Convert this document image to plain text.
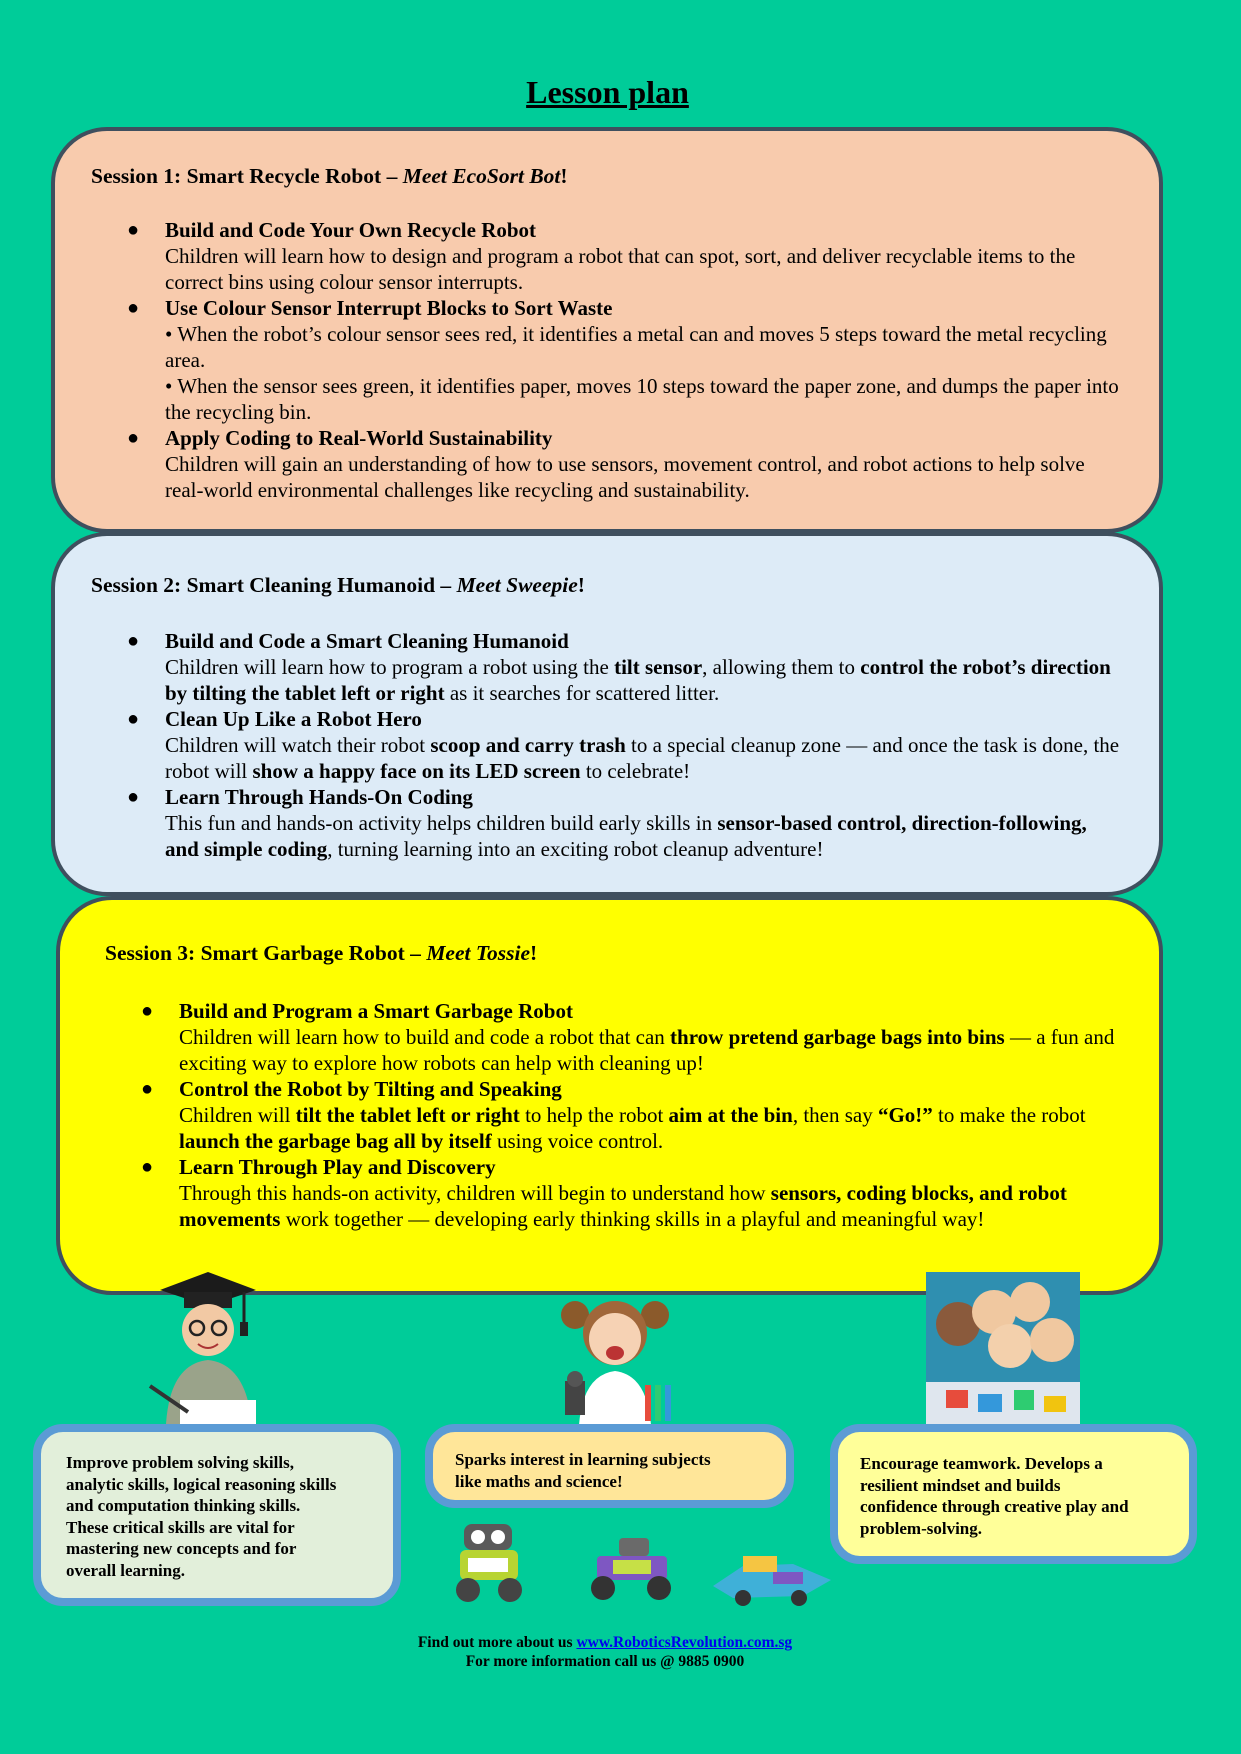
Lesson plan
Session 1: Smart Recycle Robot – Meet EcoSort Bot!
● Build and Code Your Own Recycle Robot
Children will learn how to design and program a robot that can spot, sort, and deliver recyclable items to the correct bins using colour sensor interrupts.
● Use Colour Sensor Interrupt Blocks to Sort Waste
• When the robot’s colour sensor sees red, it identifies a metal can and moves 5 steps toward the metal recycling area.
• When the sensor sees green, it identifies paper, moves 10 steps toward the paper zone, and dumps the paper into the recycling bin.
● Apply Coding to Real-World Sustainability
Children will gain an understanding of how to use sensors, movement control, and robot actions to help solve real-world environmental challenges like recycling and sustainability.
Session 2: Smart Cleaning Humanoid – Meet Sweepie!
● Build and Code a Smart Cleaning Humanoid
Children will learn how to program a robot using the tilt sensor, allowing them to control the robot’s direction by tilting the tablet left or right as it searches for scattered litter.
● Clean Up Like a Robot Hero
Children will watch their robot scoop and carry trash to a special cleanup zone — and once the task is done, the robot will show a happy face on its LED screen to celebrate!
● Learn Through Hands-On Coding
This fun and hands-on activity helps children build early skills in sensor-based control, direction-following, and simple coding, turning learning into an exciting robot cleanup adventure!
Session 3: Smart Garbage Robot – Meet Tossie!
● Build and Program a Smart Garbage Robot
Children will learn how to build and code a robot that can throw pretend garbage bags into bins — a fun and exciting way to explore how robots can help with cleaning up!
● Control the Robot by Tilting and Speaking
Children will tilt the tablet left or right to help the robot aim at the bin, then say “Go!” to make the robot launch the garbage bag all by itself using voice control.
● Learn Through Play and Discovery
Through this hands-on activity, children will begin to understand how sensors, coding blocks, and robot movements work together — developing early thinking skills in a playful and meaningful way!
Improve problem solving skills,
analytic skills, logical reasoning skills
and computation thinking skills.
These critical skills are vital for
mastering new concepts and for
overall learning.
Sparks interest in learning subjects
like maths and science!
Encourage teamwork. Develops a
resilient mindset and builds
confidence through creative play and
problem-solving.
Find out more about us www.RoboticsRevolution.com.sg
For more information call us @ 9885 0900
